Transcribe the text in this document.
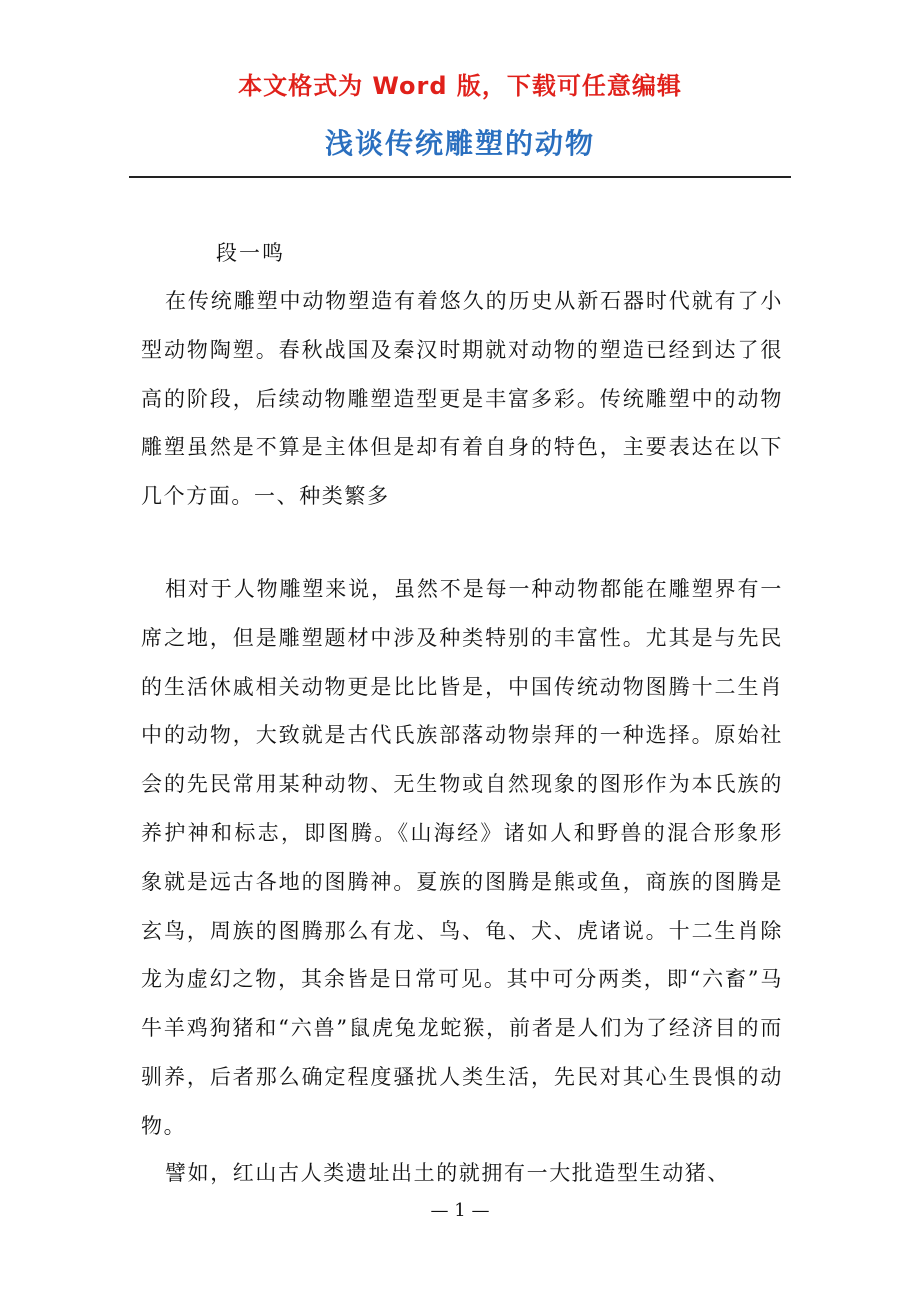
本文格式为 Word 版，下载可任意编辑
浅谈传统雕塑的动物
段一鸣

在传统雕塑中动物塑造有着悠久的历史从新石器时代就有了小型动物陶塑。春秋战国及秦汉时期就对动物的塑造已经到达了很高的阶段，后续动物雕塑造型更是丰富多彩。传统雕塑中的动物雕塑虽然是不算是主体但是却有着自身的特色，主要表达在以下几个方面。一、种类繁多

相对于人物雕塑来说，虽然不是每一种动物都能在雕塑界有一席之地，但是雕塑题材中涉及种类特别的丰富性。尤其是与先民的生活休戚相关动物更是比比皆是，中国传统动物图腾十二生肖中的动物，大致就是古代氏族部落动物崇拜的一种选择。原始社会的先民常用某种动物、无生物或自然现象的图形作为本氏族的养护神和标志，即图腾。《山海经》诸如人和野兽的混合形象形象就是远古各地的图腾神。夏族的图腾是熊或鱼，商族的图腾是玄鸟，周族的图腾那么有龙、鸟、龟、犬、虎诸说。十二生肖除龙为虚幻之物，其余皆是日常可见。其中可分两类，即“六畜”马牛羊鸡狗猪和“六兽”鼠虎兔龙蛇猴，前者是人们为了经济目的而驯养，后者那么确定程度骚扰人类生活，先民对其心生畏惧的动物。

譬如，红山古人类遗址出土的就拥有一大批造型生动猪、

— 1 —
